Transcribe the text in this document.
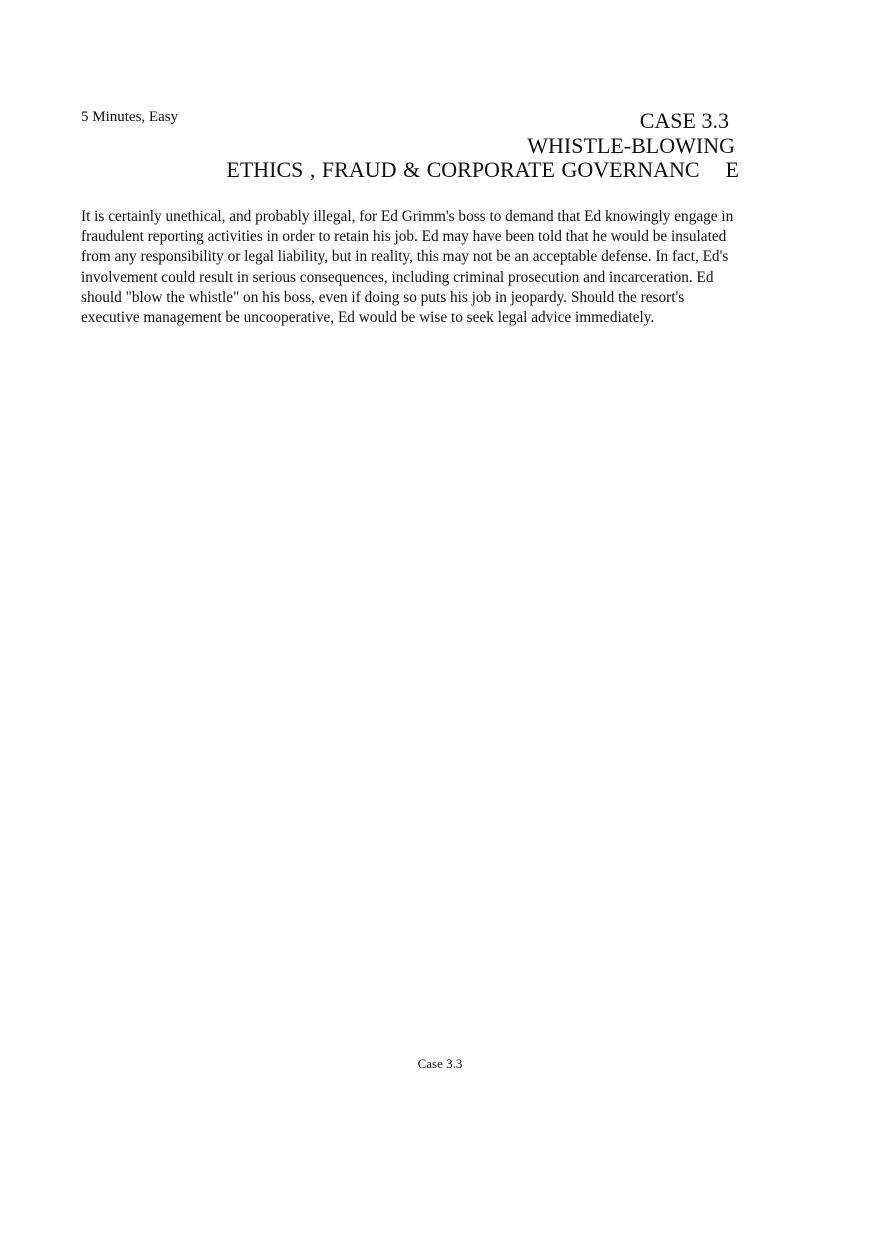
5 Minutes, Easy	CASE 3.3
WHISTLE-BLOWING
ETHICS , FRAUD & CORPORATE GOVERNANC    E

It is certainly unethical, and probably illegal, for Ed Grimm's boss to demand that Ed knowingly engage in fraudulent reporting activities in order to retain his job. Ed may have been told that he would be insulated from any responsibility or legal liability, but in reality, this may not be an acceptable defense. In fact, Ed's involvement could result in serious consequences, including criminal prosecution and incarceration. Ed should "blow the whistle" on his boss, even if doing so puts his job in jeopardy. Should the resort's executive management be uncooperative, Ed would be wise to seek legal advice immediately.

Case 3.3
